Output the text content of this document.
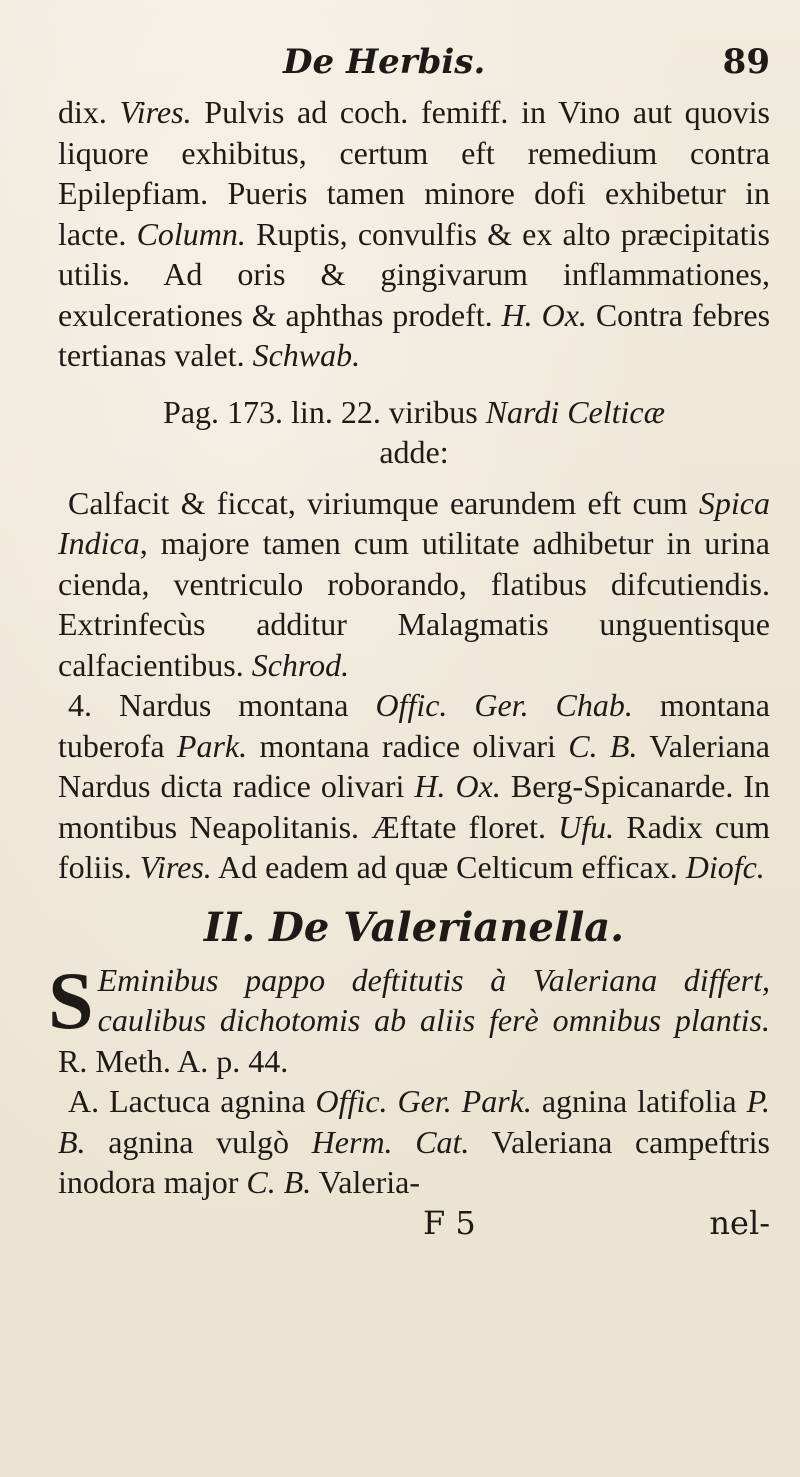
De Herbis.	89

dix. Vires. Pulvis ad coch. femiff. in Vino aut quovis liquore exhibitus, certum eft remedium contra Epilepfiam. Pueris tamen minore dofi exhibetur in lacte. Column. Ruptis, convulfis & ex alto præcipitatis utilis. Ad oris & gingivarum inflammationes, exulcerationes & aphthas prodeft. H. Ox. Contra febres tertianas valet. Schwab.

Pag. 173. lin. 22. viribus Nardi Celticæ

adde:

Calfacit & ficcat, viriumque earundem eft cum Spica Indica, majore tamen cum utilitate adhibetur in urina cienda, ventriculo roborando, flatibus difcutiendis. Extrinfecùs additur Malagmatis unguentisque calfacientibus. Schrod.

4. Nardus montana Offic. Ger. Chab. montana tuberofa Park. montana radice olivari C. B. Valeriana Nardus dicta radice olivari H. Ox. Berg-Spicanarde. In montibus Neapolitanis. Æftate floret. Ufu. Radix cum foliis. Vires. Ad eadem ad quæ Celticum efficax. Diofc.

II. De Valerianella.
S Eminibus pappo deftitutis à Valeriana differt, caulibus dichotomis ab aliis ferè omnibus plantis. R. Meth. A. p. 44.

A. Lactuca agnina Offic. Ger. Park. agnina latifolia P. B. agnina vulgò Herm. Cat. Valeriana campeftris inodora major C. B. Valeria-

F 5	nel-
